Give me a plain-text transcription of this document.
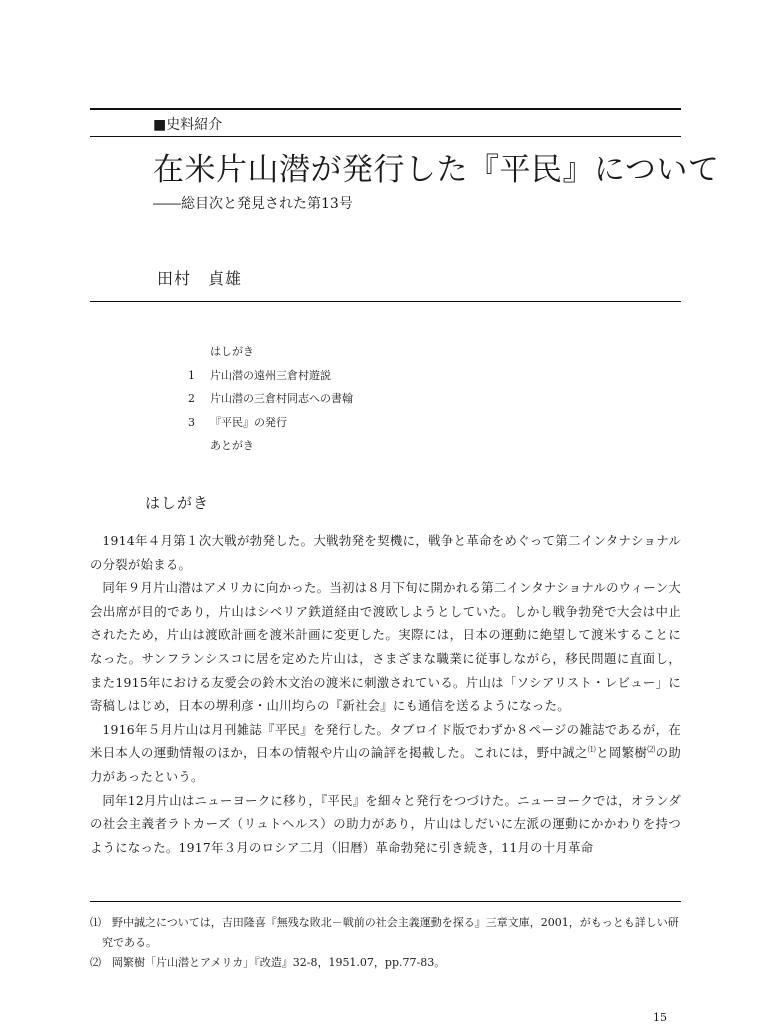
■史料紹介
在米片山潜が発行した『平民』について
――総目次と発見された第13号
田村　貞雄
はしがき
1 片山潜の遠州三倉村遊説
2 片山潜の三倉村同志への書翰
3 『平民』の発行
あとがき
はしがき

1914年４月第１次大戦が勃発した。大戦勃発を契機に，戦争と革命をめぐって第二インタナショナルの分裂が始まる。

同年９月片山潜はアメリカに向かった。当初は８月下旬に開かれる第二インタナショナルのウィーン大会出席が目的であり，片山はシベリア鉄道経由で渡欧しようとしていた。しかし戦争勃発で大会は中止されたため，片山は渡欧計画を渡米計画に変更した。実際には，日本の運動に絶望して渡米することになった。サンフランシスコに居を定めた片山は，さまざまな職業に従事しながら，移民問題に直面し，また1915年における友愛会の鈴木文治の渡米に刺激されている。片山は「ソシアリスト・レビュー」に寄稿しはじめ，日本の堺利彦・山川均らの『新社会』にも通信を送るようになった。

1916年５月片山は月刊雑誌『平民』を発行した。タブロイド版でわずか８ページの雑誌であるが，在米日本人の運動情報のほか，日本の情報や片山の論評を掲載した。これには，野中誠之⑴と岡繁樹⑵の助力があったという。

同年12月片山はニューヨークに移り，『平民』を細々と発行をつづけた。ニューヨークでは，オランダの社会主義者ラトカーズ（リュトヘルス）の助力があり，片山はしだいに左派の運動にかかわりを持つようになった。1917年３月のロシア二月（旧暦）革命勃発に引き続き，11月の十月革命

⑴　野中誠之については，吉田隆喜『無残な敗北－戦前の社会主義運動を探る』三章文庫，2001，がもっとも詳しい研究である。

⑵　岡繁樹「片山潜とアメリカ」『改造』32-8，1951.07，pp.77-83。

15
